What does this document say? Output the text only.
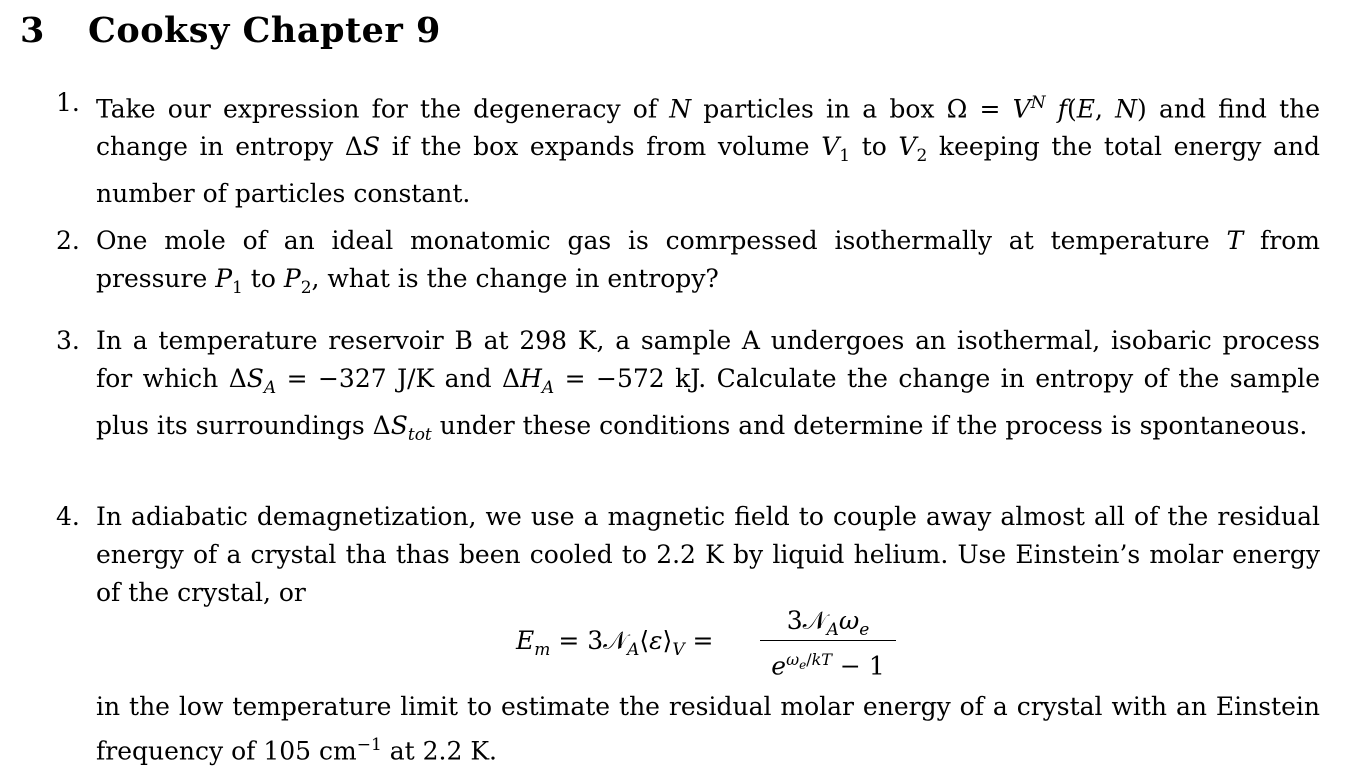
3 Cooksy Chapter 9
1. Take our expression for the degeneracy of N particles in a box $\Omega = V^N$ f(E, N) and find the change in entropy ΔS if the box expands from volume $V_1$ to $V_2$ keeping the total energy and number of particles constant.
2. One mole of an ideal monatomic gas is comrpessed isothermally at temperature T from pressure $P_1$ to $P_2$, what is the change in entropy?
3. In a temperature reservoir B at 298 K, a sample A undergoes an isothermal, isobaric process for which $\Delta S_A = -327$ J/K and $\Delta H_A = -572$ kJ. Calculate the change in entropy of the sample plus its surroundings $\Delta S_{tot}$ under these conditions and determine if the process is spontaneous.
4. In adiabatic demagnetization, we use a magnetic field to couple away almost all of the residual energy of a crystal tha thas been cooled to 2.2 K by liquid helium. Use Einstein’s molar energy of the crystal, or
$E_m$ = $3𝒩_A⟨\varepsilon⟩_V$ =
$3𝒩_A\omega_e$
$e^{\omega_e/kT} - 1$
in the low temperature limit to estimate the residual molar energy of a crystal with an Einstein frequency of 105 $cm^{-1}$ at 2.2 K.
